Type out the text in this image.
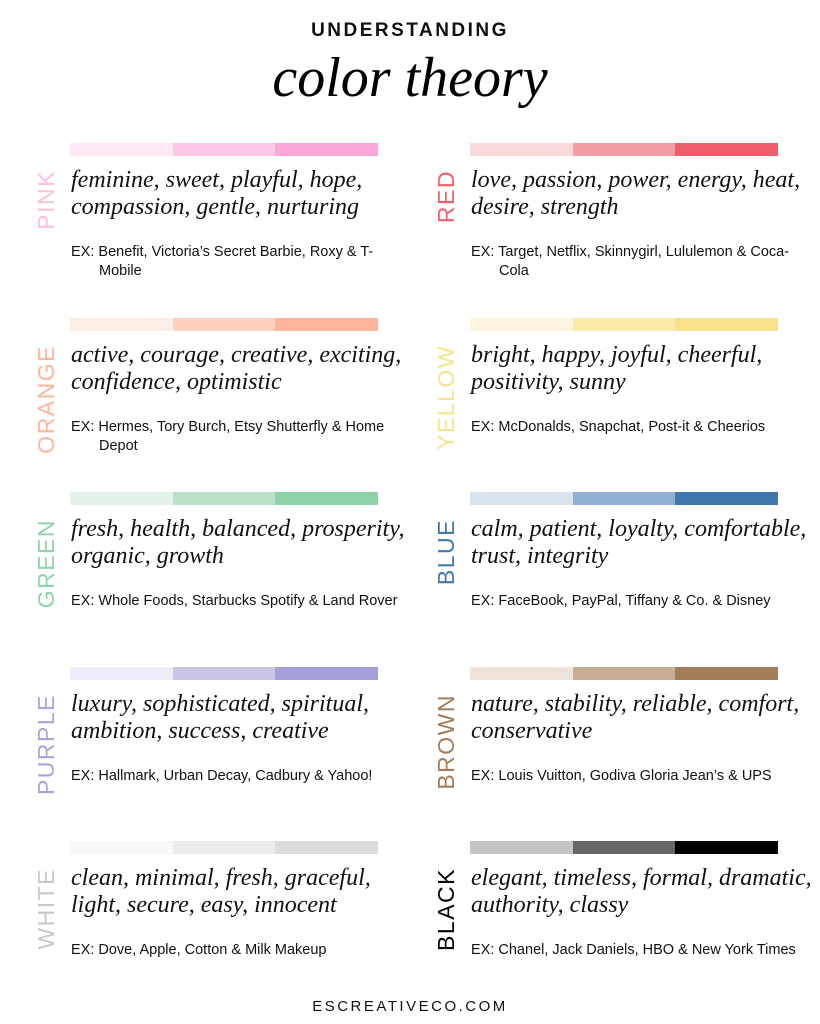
UNDERSTANDING
color theory
PINK feminine, sweet, playful, hope, compassion, gentle, nurturing
EX: Benefit, Victoria’s Secret Barbie, Roxy & T-Mobile
RED love, passion, power, energy, heat, desire, strength
EX: Target, Netflix, Skinnygirl, Lululemon & Coca-Cola
ORANGE active, courage, creative, exciting, confidence, optimistic
EX: Hermes, Tory Burch, Etsy Shutterfly & Home Depot	YELLOW bright, happy, joyful, cheerful, positivity, sunny
EX: McDonalds, Snapchat, Post-it & Cheerios
GREEN fresh, health, balanced, prosperity, organic, growth
EX: Whole Foods, Starbucks Spotify & Land Rover
BLUE calm, patient, loyalty, comfortable, trust, integrity
EX: FaceBook, PayPal, Tiffany & Co. & Disney
PURPLE luxury, sophisticated, spiritual, ambition, success, creative
EX: Hallmark, Urban Decay, Cadbury & Yahoo!	BROWN nature, stability, reliable, comfort, conservative
EX: Louis Vuitton, Godiva Gloria Jean’s & UPS
WHITE clean, minimal, fresh, graceful, light, secure, easy, innocent
EX: Dove, Apple, Cotton & Milk Makeup	BLACK elegant, timeless, formal, dramatic, authority, classy
EX: Chanel, Jack Daniels, HBO & New York Times
ESCREATIVECO.COM
